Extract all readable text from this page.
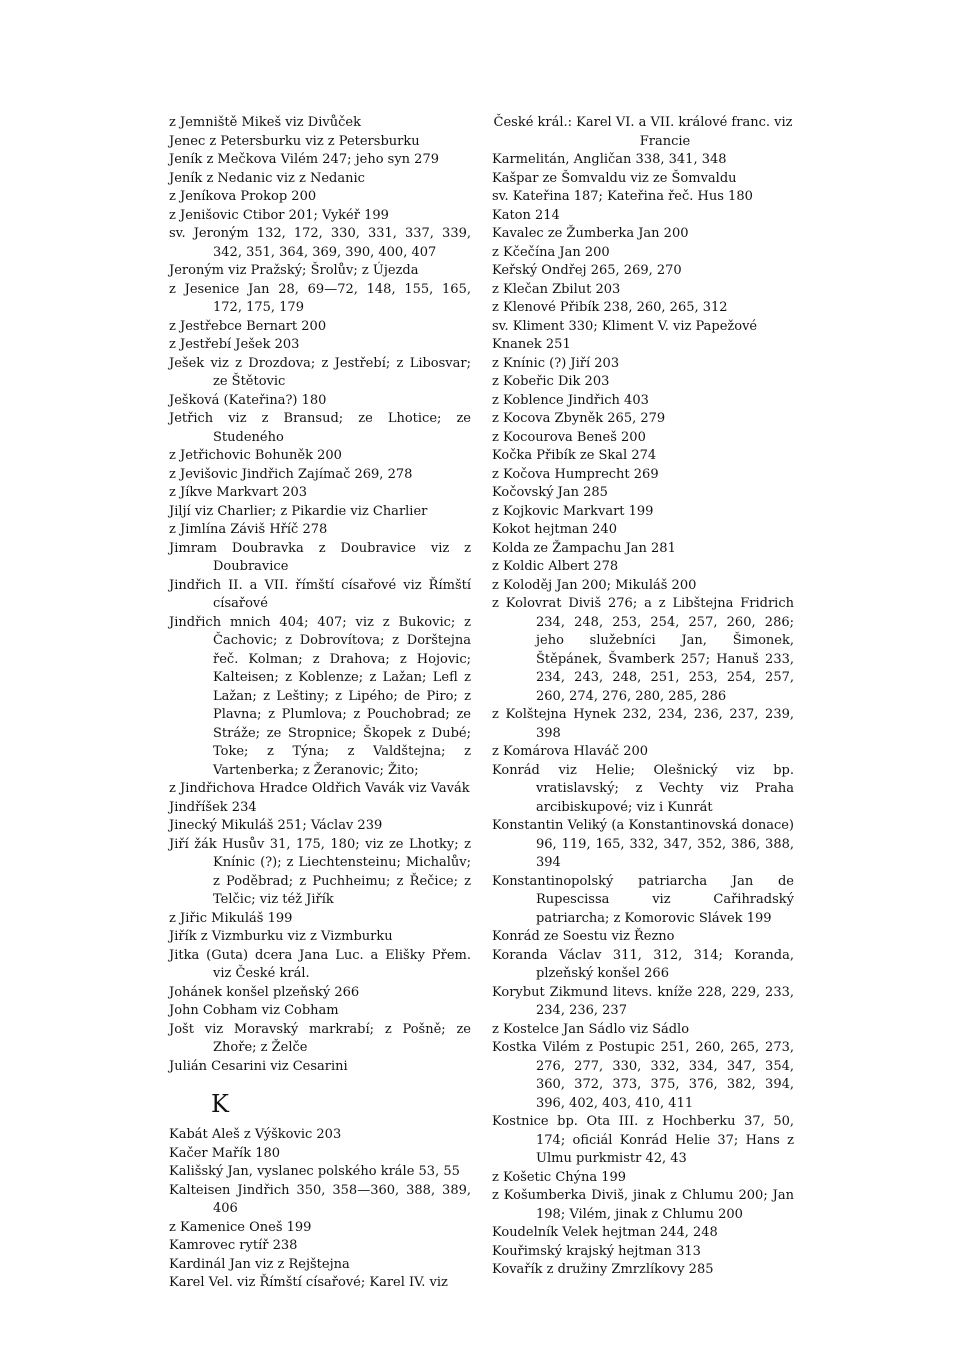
z Jemniště Mikeš viz Divůček

Jenec z Petersburku viz z Petersburku

Jeník z Mečkova Vilém 247; jeho syn 279

Jeník z Nedanic viz z Nedanic

z Jeníkova Prokop 200

z Jenišovic Ctibor 201; Vykéř 199

sv. Jeroným 132, 172, 330, 331, 337, 339, 342, 351, 364, 369, 390, 400, 407

Jeroným viz Pražský; Šrolův; z Újezda

z Jesenice Jan 28, 69—72, 148, 155, 165, 172, 175, 179

z Jestřebce Bernart 200

z Jestřebí Ješek 203

Ješek viz z Drozdova; z Jestřebí; z Libosvar; ze Štětovic

Ješková (Kateřina?) 180

Jetřich viz z Bransud; ze Lhotice; ze Studeného

z Jetřichovic Bohuněk 200

z Jevišovic Jindřich Zajímač 269, 278

z Jíkve Markvart 203

Jiljí viz Charlier; z Pikardie viz Charlier

z Jimlína Záviš Hříč 278

Jimram Doubravka z Doubravice viz z Doubravice

Jindřich II. a VII. římští císařové viz Římští císařové

Jindřich mnich 404; 407; viz z Bukovic; z Čachovic; z Dobrovítova; z Dorštejna řeč. Kolman; z Drahova; z Hojovic; Kalteisen; z Koblenze; z Lažan; Lefl z Lažan; z Leštiny; z Lipého; de Piro; z Plavna; z Plumlova; z Pouchobrad; ze Stráže; ze Stropnice; Škopek z Dubé; Toke; z Týna; z Valdštejna; z Vartenberka; z Žeranovic; Žito;

z Jindřichova Hradce Oldřich Vavák viz Vavák

Jindříšek 234

Jinecký Mikuláš 251; Václav 239

Jiří žák Husův 31, 175, 180; viz ze Lhotky; z Knínic (?); z Liechtensteinu; Michalův; z Poděbrad; z Puchheimu; z Řečice; z Telčic; viz též Jiřík

z Jiřic Mikuláš 199

Jiřík z Vizmburku viz z Vizmburku

Jitka (Guta) dcera Jana Luc. a Elišky Přem. viz České král.

Johánek konšel plzeňský 266

John Cobham viz Cobham

Jošt viz Moravský markrabí; z Pošně; ze Zhoře; z Želče

Julián Cesarini viz Cesarini

K

Kabát Aleš z Výškovic 203

Kačer Mařík 180

Kališský Jan, vyslanec polského krále 53, 55

Kalteisen Jindřich 350, 358—360, 388, 389, 406

z Kamenice Oneš 199

Kamrovec rytíř 238

Kardinál Jan viz z Rejštejna

Karel Vel. viz Římští císařové; Karel IV. viz

České král.: Karel VI. a VII. králové franc. viz Francie

Karmelitán, Angličan 338, 341, 348

Kašpar ze Šomvaldu viz ze Šomvaldu

sv. Kateřina 187; Kateřina řeč. Hus 180

Katon 214

Kavalec ze Žumberka Jan 200

z Kčečína Jan 200

Keřský Ondřej 265, 269, 270

z Klečan Zbilut 203

z Klenové Přibík 238, 260, 265, 312

sv. Kliment 330; Kliment V. viz Papežové

Knanek 251

z Knínic (?) Jiří 203

z Kobeřic Dik 203

z Koblence Jindřich 403

z Kocova Zbyněk 265, 279

z Kocourova Beneš 200

Kočka Přibík ze Skal 274

z Kočova Humprecht 269

Kočovský Jan 285

z Kojkovic Markvart 199

Kokot hejtman 240

Kolda ze Žampachu Jan 281

z Koldic Albert 278

z Koloděj Jan 200; Mikuláš 200

z Kolovrat Diviš 276; a z Libštejna Fridrich 234, 248, 253, 254, 257, 260, 286; jeho služebníci Jan, Šimonek, Štěpánek, Švamberk 257; Hanuš 233, 234, 243, 248, 251, 253, 254, 257, 260, 274, 276, 280, 285, 286

z Kolštejna Hynek 232, 234, 236, 237, 239, 398

z Komárova Hlaváč 200

Konrád viz Helie; Olešnický viz bp. vratislavský; z Vechty viz Praha arcibiskupové; viz i Kunrát

Konstantin Veliký (a Konstantinovská donace) 96, 119, 165, 332, 347, 352, 386, 388, 394

Konstantinopolský patriarcha Jan de Rupescissa viz Cařihradský patriarcha; z Komorovic Slávek 199

Konrád ze Soestu viz Řezno

Koranda Václav 311, 312, 314; Koranda, plzeňský konšel 266

Korybut Zikmund litevs. kníže 228, 229, 233, 234, 236, 237

z Kostelce Jan Sádlo viz Sádlo

Kostka Vilém z Postupic 251, 260, 265, 273, 276, 277, 330, 332, 334, 347, 354, 360, 372, 373, 375, 376, 382, 394, 396, 402, 403, 410, 411

Kostnice bp. Ota III. z Hochberku 37, 50, 174; oficiál Konrád Helie 37; Hans z Ulmu purkmistr 42, 43

z Košetic Chýna 199

z Košumberka Diviš, jinak z Chlumu 200; Jan 198; Vilém, jinak z Chlumu 200

Koudelník Velek hejtman 244, 248

Kouřimský krajský hejtman 313

Kovařík z družiny Zmrzlíkovy 285
